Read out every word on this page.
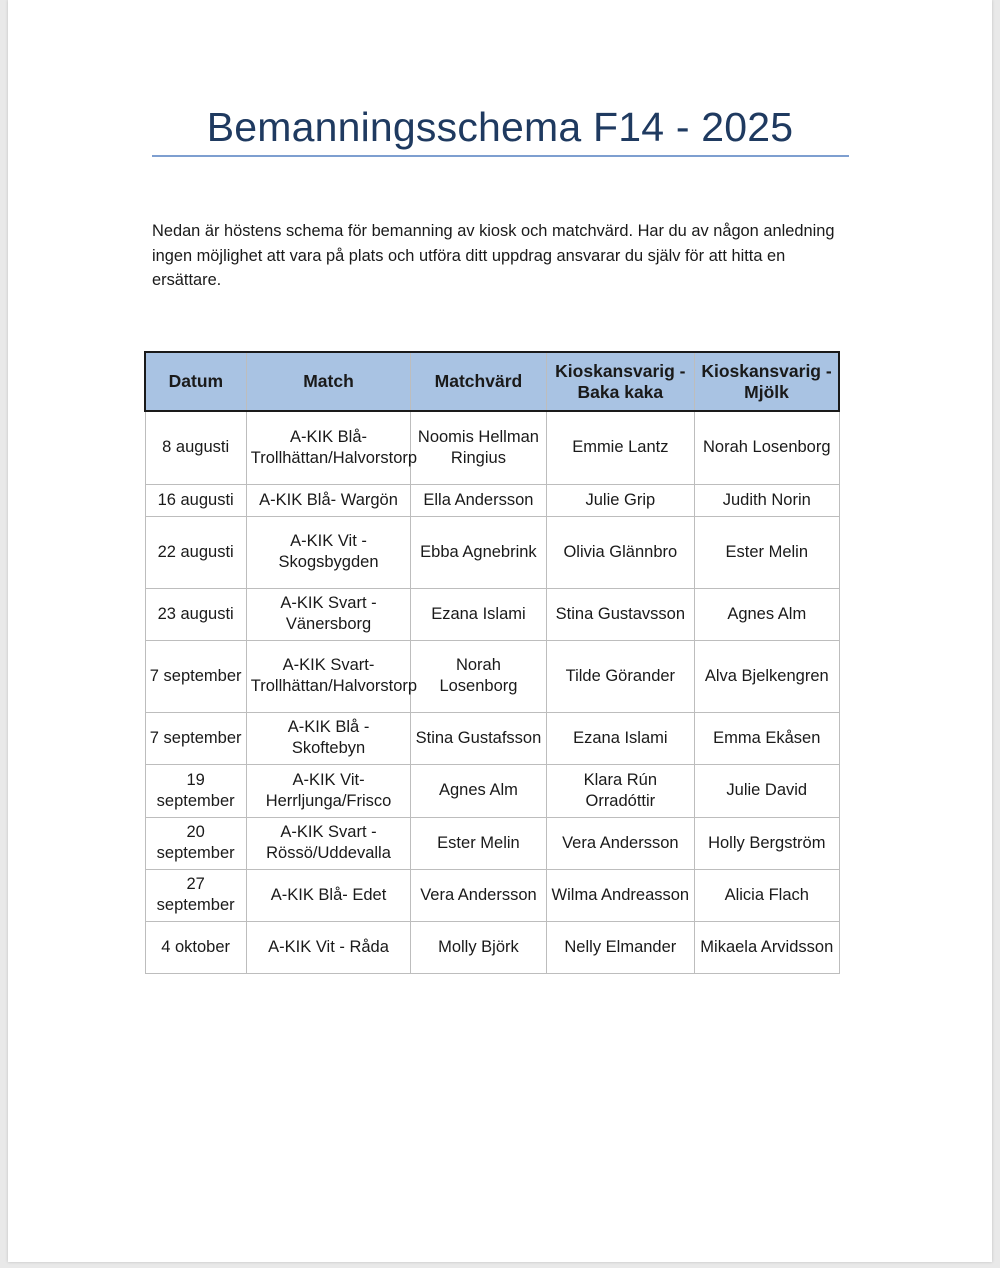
Bemanningsschema F14 - 2025

Nedan är höstens schema för bemanning av kiosk och matchvärd. Har du av någon anledning ingen möjlighet att vara på plats och utföra ditt uppdrag ansvarar du själv för att hitta en ersättare.

Datum	Match	Matchvärd	Kioskansvarig - Baka kaka	Kioskansvarig - Mjölk
8 augusti	A-KIK Blå-Trollhättan/Halvorstorp	Noomis Hellman Ringius	Emmie Lantz	Norah Losenborg
16 augusti	A-KIK Blå- Wargön	Ella Andersson	Julie Grip	Judith Norin
22 augusti	A-KIK Vit - Skogsbygden	Ebba Agnebrink	Olivia Glännbro	Ester Melin
23 augusti	A-KIK Svart - Vänersborg	Ezana Islami	Stina Gustavsson	Agnes Alm
7 september	A-KIK Svart-Trollhättan/Halvorstorp	Norah Losenborg	Tilde Görander	Alva Bjelkengren
7 september	A-KIK Blå - Skoftebyn	Stina Gustafsson	Ezana Islami	Emma Ekåsen
19 september	A-KIK Vit-Herrljunga/Frisco	Agnes Alm	Klara Rún Orradóttir	Julie David
20 september	A-KIK Svart - Rössö/Uddevalla	Ester Melin	Vera Andersson	Holly Bergström
27 september	A-KIK Blå- Edet	Vera Andersson	Wilma Andreasson	Alicia Flach
4 oktober	A-KIK Vit - Råda	Molly Björk	Nelly Elmander	Mikaela Arvidsson
